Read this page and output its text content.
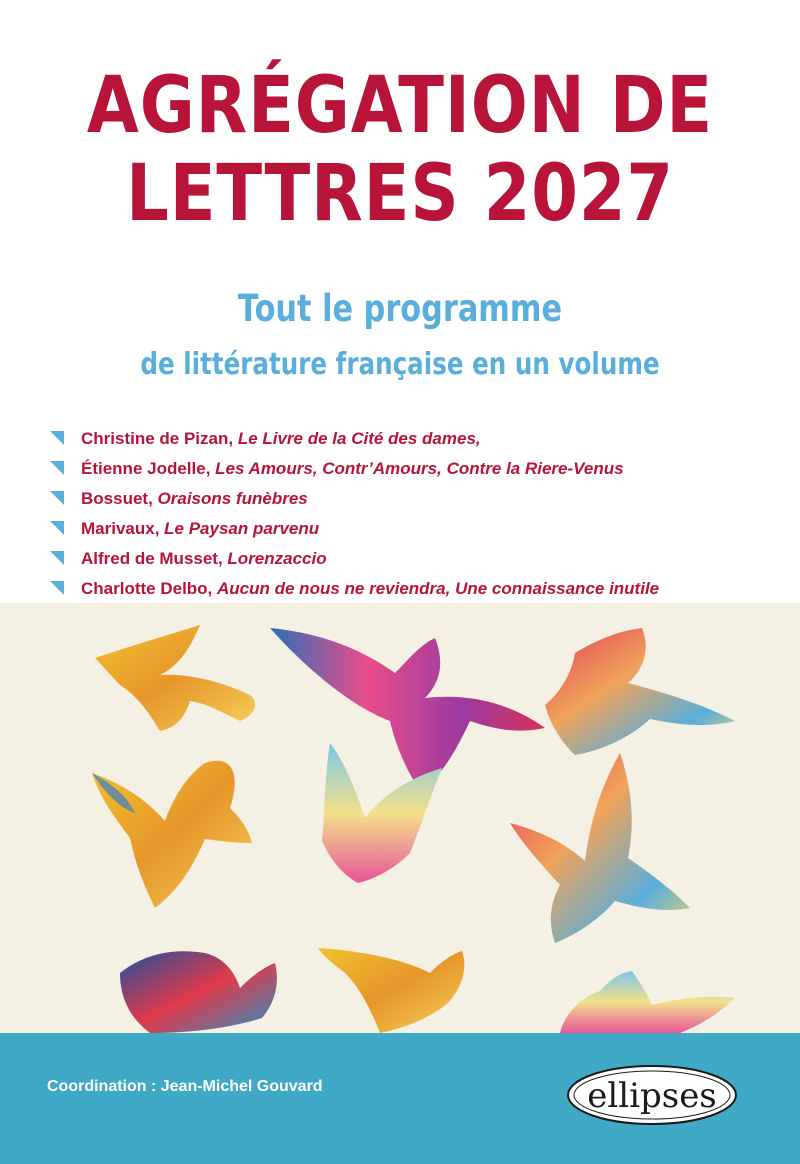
AGRÉGATION DE
LETTRES 2027
Tout le programme
de littérature française en un volume
Christine de Pizan, Le Livre de la Cité des dames,
Étienne Jodelle, Les Amours, Contr’Amours, Contre la Riere-Venus
Bossuet, Oraisons funèbres
Marivaux, Le Paysan parvenu
Alfred de Musset, Lorenzaccio
Charlotte Delbo, Aucun de nous ne reviendra, Une connaissance inutile
Coordination : Jean-Michel Gouvard	ellipses
